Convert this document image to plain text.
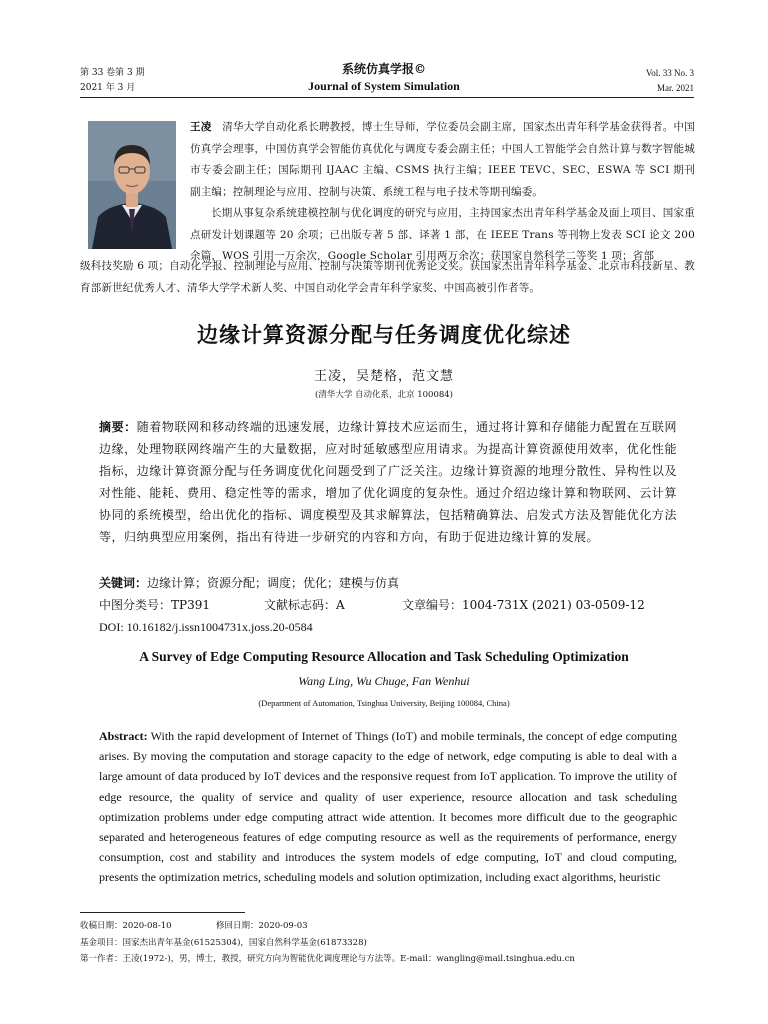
第 33 卷第 3 期
2021 年 3 月
系统仿真学报©
Journal of System Simulation
Vol. 33 No. 3
Mar. 2021

王凌 清华大学自动化系长聘教授，博士生导师，学位委员会副主席，国家杰出青年科学基金获得者。中国仿真学会理事，中国仿真学会智能仿真优化与调度专委会副主任；中国人工智能学会自然计算与数字智能城市专委会副主任；国际期刊 IJAAC 主编、CSMS 执行主编；IEEE TEVC、SEC、ESWA 等 SCI 期刊副主编；控制理论与应用、控制与决策、系统工程与电子技术等期刊编委。

长期从事复杂系统建模控制与优化调度的研究与应用，主持国家杰出青年科学基金及面上项目、国家重点研发计划课题等 20 余项；已出版专著 5 部、译著 1 部，在 IEEE Trans 等刊物上发表 SCI 论文 200 余篇，WOS 引用一万余次，Google Scholar 引用两万余次；获国家自然科学二等奖 1 项；省部

级科技奖励 6 项；自动化学报、控制理论与应用、控制与决策等期刊优秀论文奖。获国家杰出青年科学基金、北京市科技新星、教育部新世纪优秀人才、清华大学学术新人奖、中国自动化学会青年科学家奖、中国高被引作者等。
边缘计算资源分配与任务调度优化综述
王凌，吴楚格，范文慧
(清华大学 自动化系，北京 100084)
摘要：随着物联网和移动终端的迅速发展，边缘计算技术应运而生，通过将计算和存储能力配置在互联网边缘，处理物联网终端产生的大量数据，应对时延敏感型应用请求。为提高计算资源使用效率，优化性能指标，边缘计算资源分配与任务调度优化问题受到了广泛关注。边缘计算资源的地理分散性、异构性以及对性能、能耗、费用、稳定性等的需求，增加了优化调度的复杂性。通过介绍边缘计算和物联网、云计算协同的系统模型，给出优化的指标、调度模型及其求解算法，包括精确算法、启发式方法及智能优化方法等，归纳典型应用案例，指出有待进一步研究的内容和方向，有助于促进边缘计算的发展。
关键词：边缘计算；资源分配；调度；优化；建模与仿真
中图分类号：TP391	文献标志码：A	文章编号：1004-731X (2021) 03-0509-12
DOI: 10.16182/j.issn1004731x.joss.20-0584
A Survey of Edge Computing Resource Allocation and Task Scheduling Optimization
Wang Ling, Wu Chuge, Fan Wenhui
(Department of Automation, Tsinghua University, Beijing 100084, China)
Abstract: With the rapid development of Internet of Things (IoT) and mobile terminals, the concept of edge computing arises. By moving the computation and storage capacity to the edge of network, edge computing is able to deal with a large amount of data produced by IoT devices and the responsive request from IoT application. To improve the utility of edge resource, the quality of service and quality of user experience, resource allocation and task scheduling optimization problems under edge computing attract wide attention. It becomes more difficult due to the geographic separated and heterogeneous features of edge computing resource as well as the requirements of performance, energy consumption, cost and stability and introduces the system models of edge computing, IoT and cloud computing, presents the optimization metrics, scheduling models and solution optimization, including exact algorithms, heuristic
收稿日期：2020-08-10	修回日期：2020-09-03
基金项目：国家杰出青年基金(61525304)，国家自然科学基金(61873328)
第一作者：王凌(1972-)，男，博士，教授，研究方向为智能优化调度理论与方法等。E-mail：wangling@mail.tsinghua.edu.cn
